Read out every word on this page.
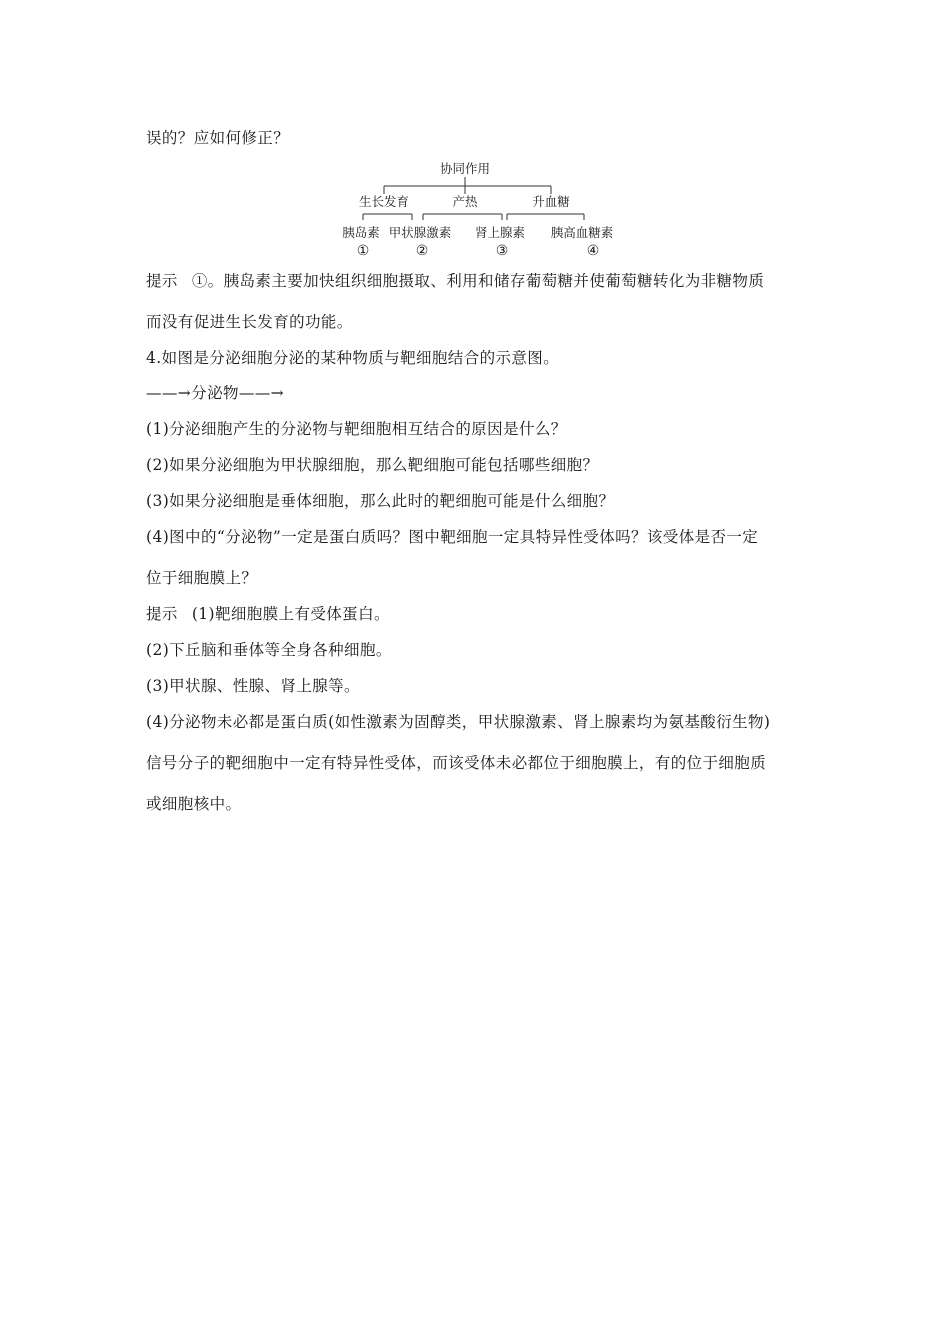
误的？应如何修正？
协同作用
生长发育	产热	升血糖
胰岛素 甲状腺激素 肾上腺素 胰高血糖素
①	②	③	④
提示 ①。胰岛素主要加快组织细胞摄取、利用和储存葡萄糖并使葡萄糖转化为非糖物质
而没有促进生长发育的功能。
4.如图是分泌细胞分泌的某种物质与靶细胞结合的示意图。
——→分泌物——→
(1)分泌细胞产生的分泌物与靶细胞相互结合的原因是什么？
(2)如果分泌细胞为甲状腺细胞，那么靶细胞可能包括哪些细胞？
(3)如果分泌细胞是垂体细胞，那么此时的靶细胞可能是什么细胞？
(4)图中的“分泌物”一定是蛋白质吗？图中靶细胞一定具特异性受体吗？该受体是否一定
位于细胞膜上？
提示 (1)靶细胞膜上有受体蛋白。
(2)下丘脑和垂体等全身各种细胞。
(3)甲状腺、性腺、肾上腺等。
(4)分泌物未必都是蛋白质(如性激素为固醇类，甲状腺激素、肾上腺素均为氨基酸衍生物)
信号分子的靶细胞中一定有特异性受体，而该受体未必都位于细胞膜上，有的位于细胞质
或细胞核中。
